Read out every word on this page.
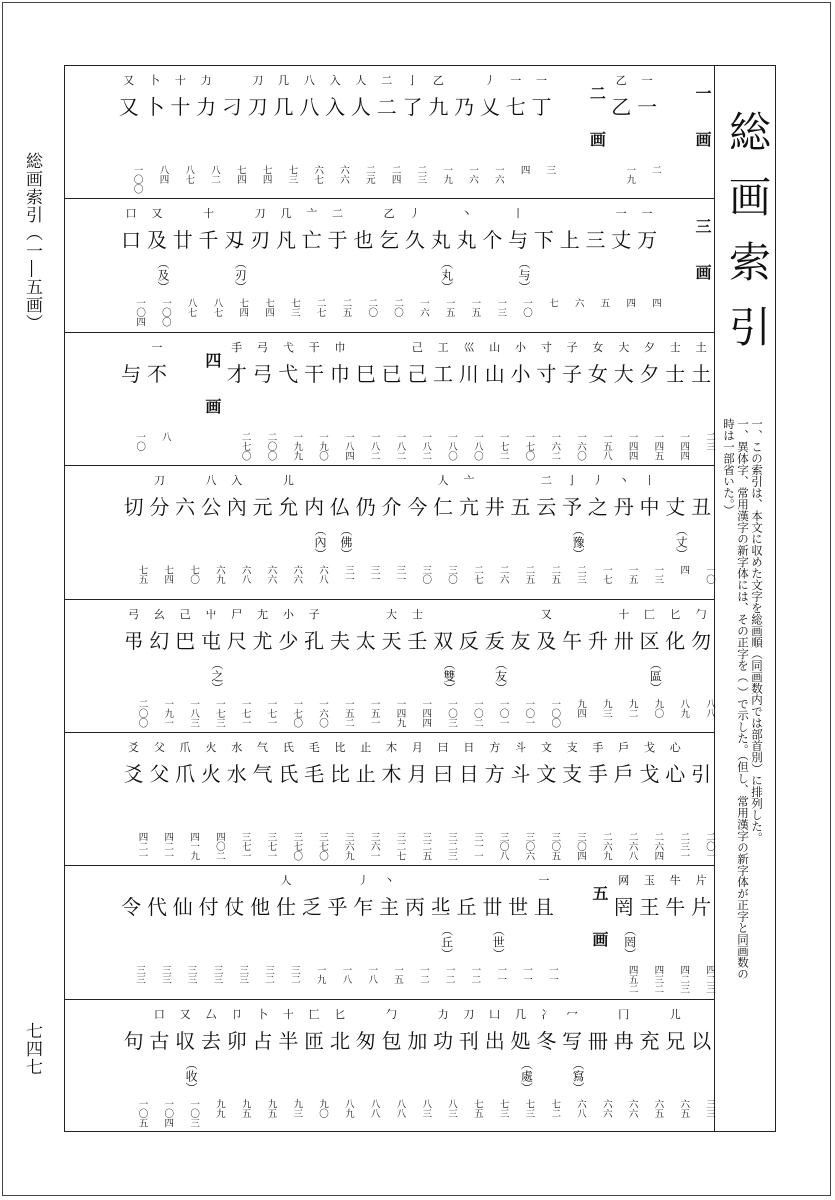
総画索引（一―五画）
七四七
総
画
索
引
一、この索引は、本文に収めた文字を総画順（同画数内では部首別）に排列した。
一、異体字、常用漢字の新字体には、その正字を（ ）で示した。（但し、常用漢字の新字体が正字と同画数の時は一部省いた。）
一画
一
一
二
乙
乙
一九
二画
一
丁
三
一
七
四
丿
乂
一六
乃
一六
乙
九
一九
亅
了
二三
二
二
二四
人
人
二元
入
入
六六
八
八
六七
几
几
七三
刀
刀
七四
刁
七四
力
力
八二
十
十
八七
卜
卜
八四
又
又
一〇〇
三画
一
万
四
一
丈
四
三
五
上
六
下
七
丨
与
（与）
一〇
个
一三
丶
丸
一五
丸
（丸）
一五
丿
久
一六
乙
乞
二〇
也
二〇
二
于
二五
亠
亡
二七
几
凡
七三
刀
刃
七四
刄
（刃）
七四
十
千
八七
廿
八七
又
及
（及）
一〇〇
口
口
一〇四
土
土
二三
士
士
一四四
夕
夕
一四五
大
大
一四四
女
女
一五八
子
子
一六〇
寸
寸
一六二
小
小
一七〇
山
山
一七二
巛
川
一八〇
工
工
一八〇
己
己
一八二
已
一八二
巳
一八二
巾
巾
一八四
干
干
一九〇
弋
弋
一九九
弓
弓
二〇〇
手
才
二七〇
四画
一
不
八
与
一〇
丑
一〇
丈
（丈）
四
丨
中
一三
丶
丹
一五
丿
之
一七
亅
予
（豫）
二三
二
云
二五
五
二五
井
二六
亠
亢
二七
人
仁
三〇
今
三〇
介
三一
仍
三一
仏
（佛）
三一
内
（內）
六八
儿
允
六六
元
六六
入
內
六八
八
公
六九
六
七〇
刀
分
七四
切
七五
勹
勿
八八
匕
化
八九
匚
区
（區）
九〇
十
卅
九二
升
九三
午
九四
又
及
一〇〇
友
一〇一
叐
（友）
一〇一
反
一〇二
双
（雙）
一〇三
士
壬
一四四
大
天
一四九
太
一五一
夫
一五二
子
孔
一六〇
小
少
一七〇
尢
尤
一七一
尸
尺
一七一
屮
屯
（之）
一七三
己
巴
一八三
幺
幻
一九一
弓
弔
二〇〇
引
二〇一
心
心
二三一
戈
戈
二六四
戶
戶
二六八
手
手
二六九
支
支
三〇四
文
文
三〇五
斗
斗
三〇六
方
方
三〇八
日
日
三一一
曰
曰
三二三
月
月
三二五
木
木
三二七
止
止
三六一
比
比
三六九
毛
毛
三七〇
氏
氏
三七〇
气
气
三七一
水
水
三七一
火
火
四〇二
爪
爪
四一九
父
父
四二一
爻
爻
四二一
片
片
四二三
牛
牛
四二三
玉
王
四三二
网
罔
（罔）
四五二
五画
一
且
一一
世
一一
丗
（世）
一一
丘
一二
丠
（丘）
一二
丙
一二
丶
主
一五
丿
乍
一八
乎
一八
乏
一九
人
仕
三二
他
三二
仗
三三
付
三三
仙
三三
代
三三
令
三三
以
三三
儿
兄
六五
充
六五
冂
冉
六六
冊
六六
冖
写
（寫）
六八
冫
冬
七二
几
処
（處）
七三
凵
出
七三
刀
刊
七五
力
功
八三
加
八三
勹
包
八八
匆
八八
匕
北
八九
匚
匝
九〇
十
半
九三
卜
占
九五
卩
卯
九五
厶
去
九九
又
収
（收）
一〇三
口
古
一〇四
句
一〇五
